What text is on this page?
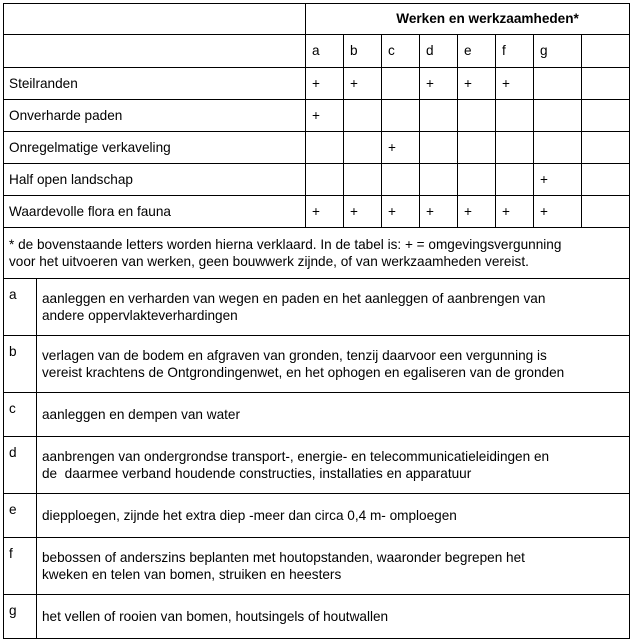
	Werken en werkzaamheden*							
	a	b	c	d	e	f	g	
Steilranden	+	+		+	+	+		
Onverharde paden	+							
Onregelmatige verkaveling			+					
Half open landschap							+	
Waardevolle flora en fauna	+	+	+	+	+	+	+	

* de bovenstaande letters worden hierna verklaard. In de tabel is: + = omgevingsvergunning
voor het uitvoeren van werken, geen bouwwerk zijnde, of van werkzaamheden vereist.								
a	aanleggen en verharden van wegen en paden en het aanleggen of aanbrengen van
andere oppervlakteverhardingen

b	verlagen van de bodem en afgraven van gronden, tenzij daarvoor een vergunning is
vereist krachtens de Ontgrondingenwet, en het ophogen en egaliseren van de gronden

c	aanleggen en dempen van water

d	aanbrengen van ondergrondse transport-, energie- en telecommunicatieleidingen en
de  daarmee verband houdende constructies, installaties en apparatuur

e	diepploegen, zijnde het extra diep -meer dan circa 0,4 m- omploegen

f	bebossen of anderszins beplanten met houtopstanden, waaronder begrepen het
kweken en telen van bomen, struiken en heesters

g	het vellen of rooien van bomen, houtsingels of houtwallen
